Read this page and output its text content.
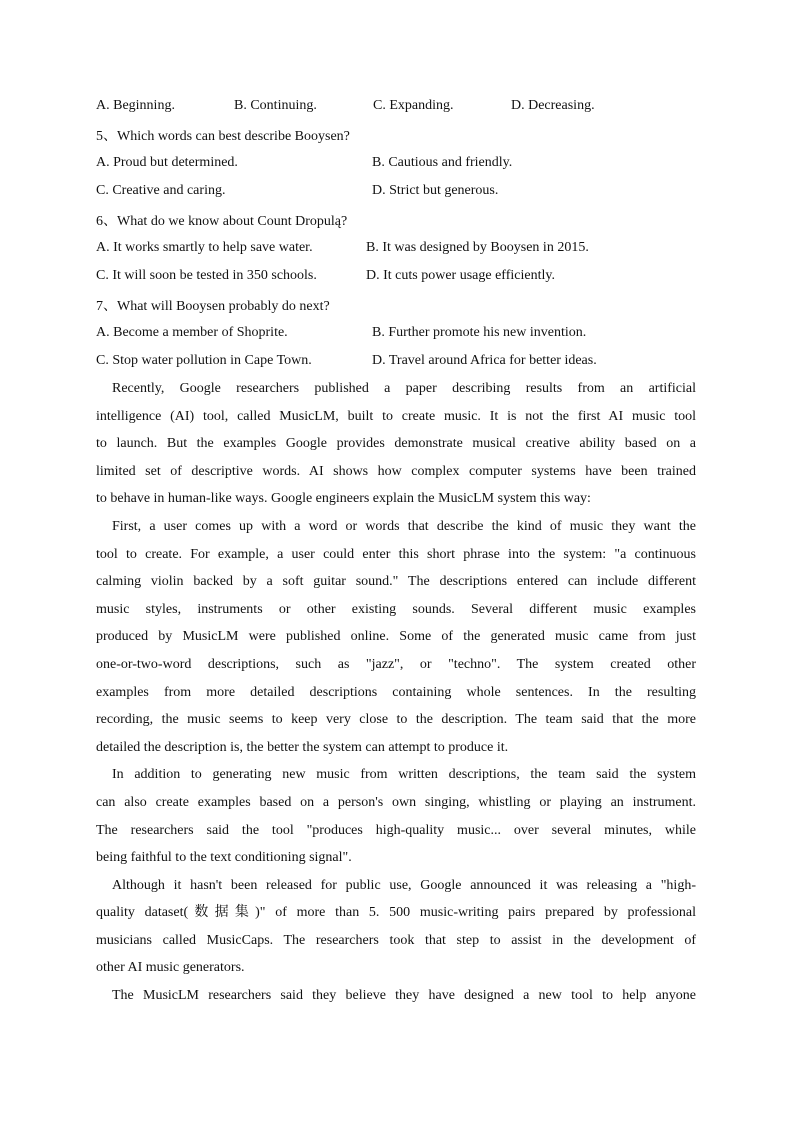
A. Beginning.	B. Continuing.	C. Expanding.	D. Decreasing.
5、Which words can best describe Booysen?
A. Proud but determined.	B. Cautious and friendly.
C. Creative and caring.	D. Strict but generous.
6、What do we know about Count Dropulą?
A. It works smartly to help save water.	B. It was designed by Booysen in 2015.
C. It will soon be tested in 350 schools.	D. It cuts power usage efficiently.
7、What will Booysen probably do next?
A. Become a member of Shoprite.	B. Further promote his new invention.
C. Stop water pollution in Cape Town.	D. Travel around Africa for better ideas.
Recently, Google researchers published a paper describing results from an artificial
intelligence (AI) tool, called MusicLM, built to create music. It is not the first AI music tool
to launch. But the examples Google provides demonstrate musical creative ability based on a
limited set of descriptive words. AI shows how complex computer systems have been trained
to behave in human-like ways. Google engineers explain the MusicLM system this way:
First, a user comes up with a word or words that describe the kind of music they want the
tool to create. For example, a user could enter this short phrase into the system: "a continuous
calming violin backed by a soft guitar sound." The descriptions entered can include different
music styles, instruments or other existing sounds. Several different music examples
produced by MusicLM were published online. Some of the generated music came from just
one-or-two-word descriptions, such as "jazz", or "techno". The system created other
examples from more detailed descriptions containing whole sentences. In the resulting
recording, the music seems to keep very close to the description. The team said that the more
detailed the description is, the better the system can attempt to produce it.
In addition to generating new music from written descriptions, the team said the system
can also create examples based on a person's own singing, whistling or playing an instrument.
The researchers said the tool "produces high-quality music... over several minutes, while
being faithful to the text conditioning signal".
Although it hasn't been released for public use, Google announced it was releasing a "high-
quality dataset(数据集)" of more than 5. 500 music-writing pairs prepared by professional
musicians called MusicCaps. The researchers took that step to assist in the development of
other AI music generators.
The MusicLM researchers said they believe they have designed a new tool to help anyone
